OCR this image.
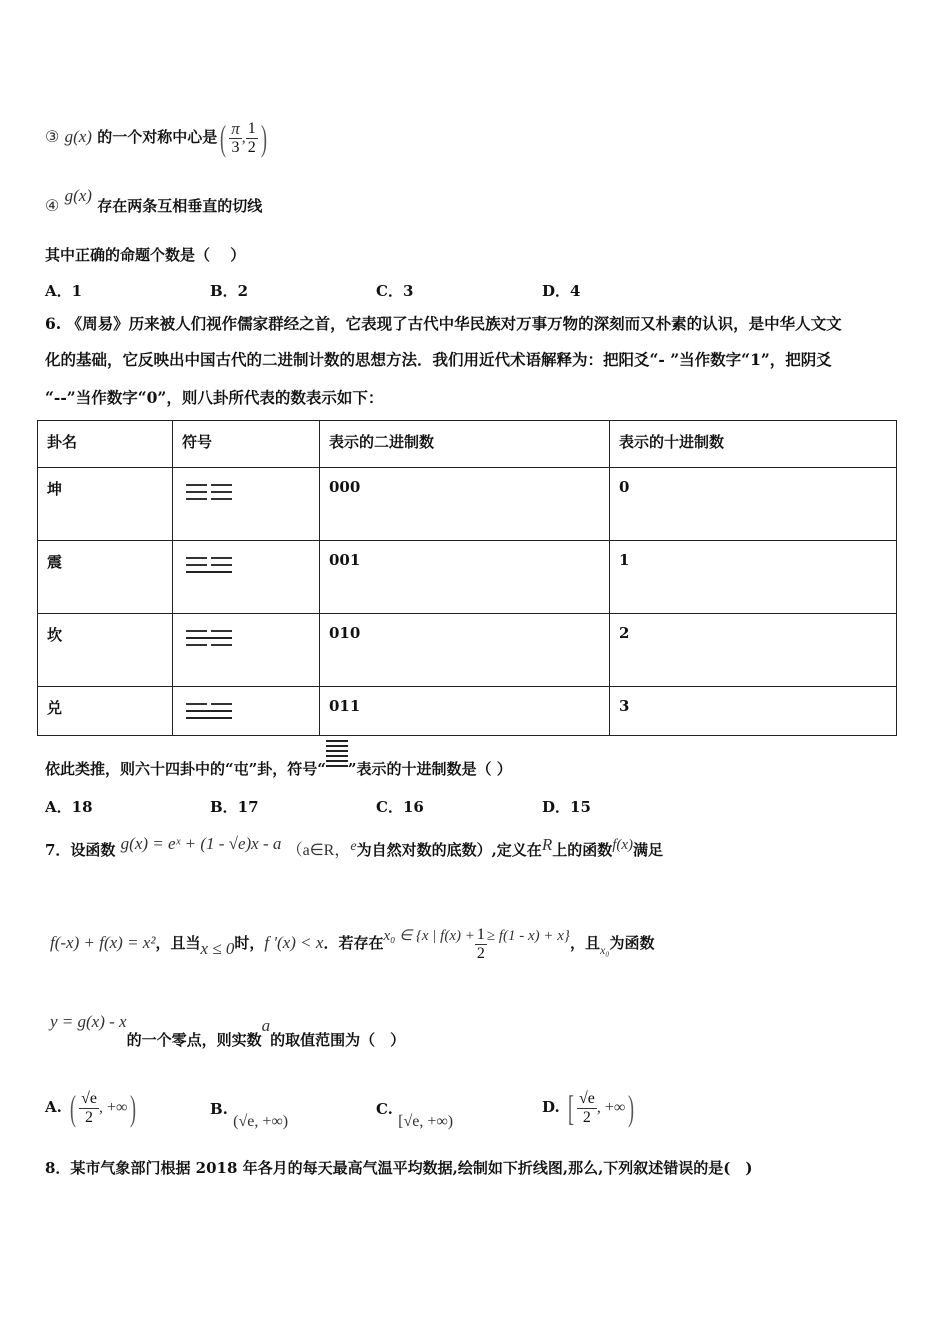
③ g(x) 的一个对称中心是( $\frac{\pi}{3}$ , $\frac{1}{2}$ )
④ g(x) 存在两条互相垂直的切线
其中正确的命题个数是（　 ）
A．1	B．2	C．3	D．4
6. 《周易》历来被人们视作儒家群经之首，它表现了古代中华民族对万事万物的深刻而又朴素的认识，是中华人文文
化的基础，它反映出中国古代的二进制计数的思想方法．我们用近代术语解释为：把阳爻“- ”当作数字“1”，把阴爻
“--”当作数字“0”，则八卦所代表的数表示如下：
卦名	符号	表示的二进制数	表示的十进制数
坤		000	0
震		001	1
坎		010	2
兑		011	3
依此类推，则六十四卦中的“屯”卦，符号“ ”表示的十进制数是（ ）
A．18	B．17	C．16	D．15
7．设函数 g(x) = eˣ + (1 - √e)x - a （a∈R，e为自然对数的底数）,定义在R上的函数f(x)满足
f(-x) + f(x) = x²，且当x ≤ 0时，f ′(x) < x．若存在x₀ ∈ {x | $f(x) + \frac{1}{2} \ge f(1 - x) + x$}，且$_{x_0}$为函数
y = g(x) - x的一个零点，则实数a的取值范围为（　）
A. ( $\frac{√e}{2}$ , +∞)	B. (√e, +∞)
C. [√e, +∞)
D. [ $\frac{√e}{2}$ , +∞)
8．某市气象部门根据 2018 年各月的每天最高气温平均数据,绘制如下折线图,那么,下列叙述错误的是(　)
